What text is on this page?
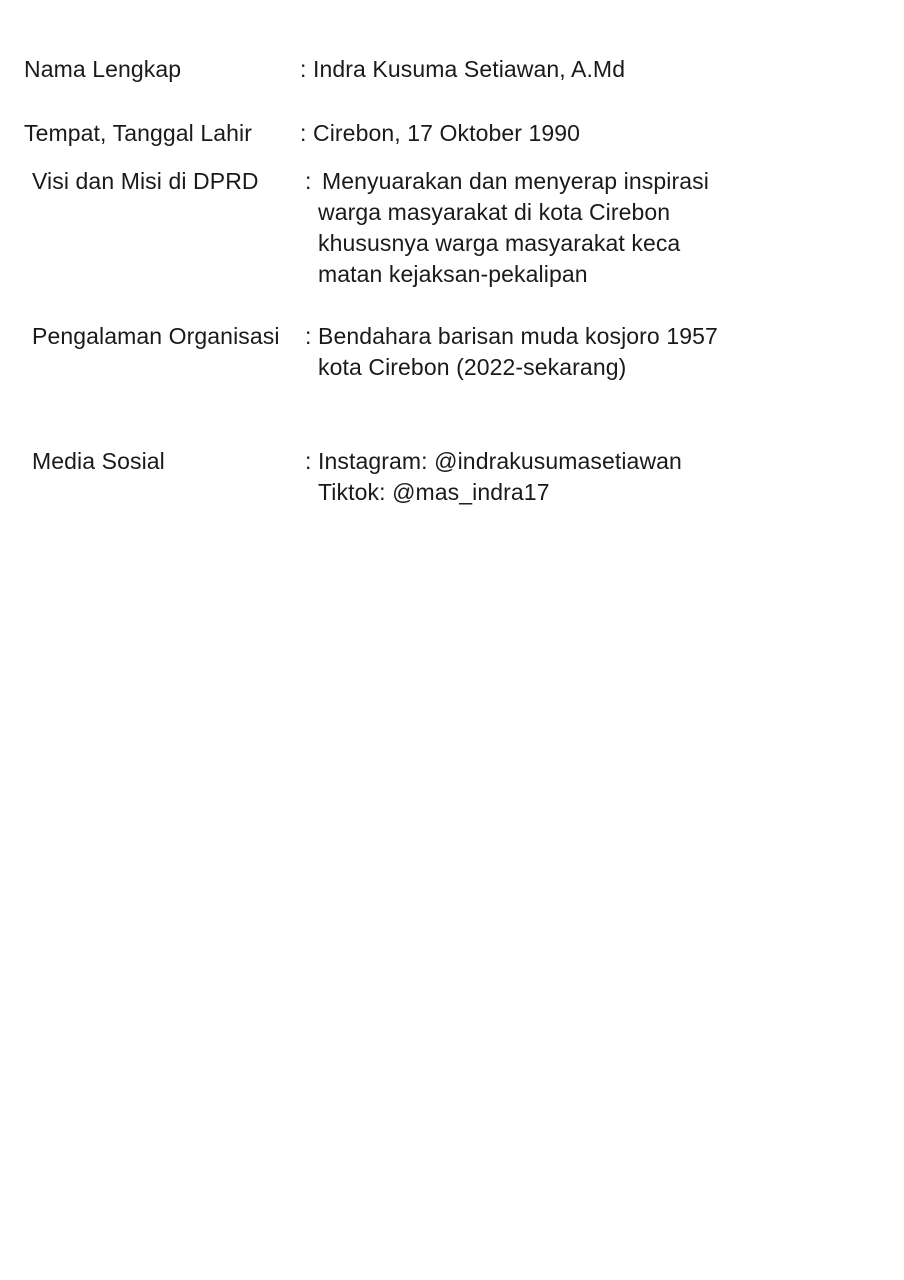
Nama Lengkap	: Indra Kusuma Setiawan, A.Md
Tempat, Tanggal Lahir : Cirebon, 17 Oktober 1990
Visi dan Misi di DPRD : Menyuarakan dan menyerap inspirasi
warga masyarakat di kota Cirebon
khususnya warga masyarakat keca
matan kejaksan-pekalipan
Pengalaman Organisasi : Bendahara barisan muda kosjoro 1957
kota Cirebon (2022-sekarang)
Media Sosial	: Instagram: @indrakusumasetiawan
Tiktok: @mas_indra17
